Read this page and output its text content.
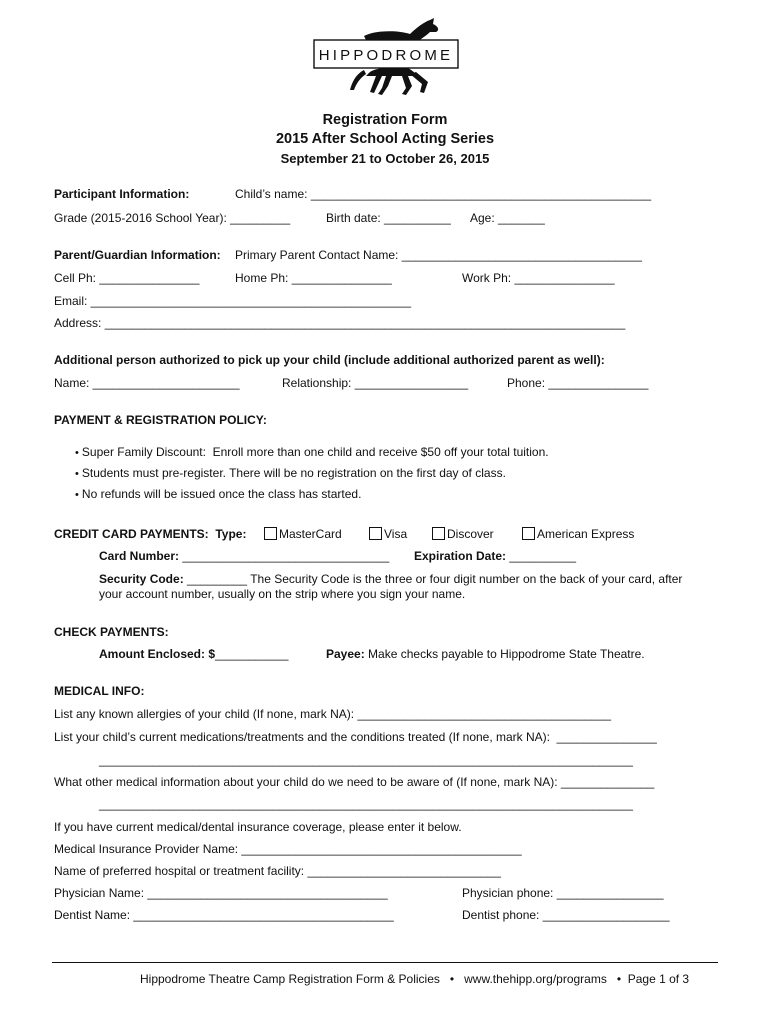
HIPPODROME
Registration Form
2015 After School Acting Series
September 21 to October 26, 2015
Participant Information:	Child’s name: ___________________________________________________
Grade (2015-2016 School Year): _________	Birth date: __________ Age: _______
Parent/Guardian Information: Primary Parent Contact Name: ____________________________________
Cell Ph: _______________	Home Ph: _______________	Work Ph: _______________
Email: ________________________________________________
Address: ______________________________________________________________________________
Additional person authorized to pick up your child (include additional authorized parent as well):
Name: ______________________	Relationship: _________________	Phone: _______________
PAYMENT & REGISTRATION POLICY:
• Super Family Discount:  Enroll more than one child and receive $50 off your total tuition.
• Students must pre-register. There will be no registration on the first day of class.
• No refunds will be issued once the class has started.
CREDIT CARD PAYMENTS:  Type:	MasterCard	Visa	Discover	American Express
Card Number: _______________________________ Expiration Date: __________
Security Code: _________ The Security Code is the three or four digit number on the back of your card, after
your account number, usually on the strip where you sign your name.
CHECK PAYMENTS:
Amount Enclosed: $___________	Payee: Make checks payable to Hippodrome State Theatre.
MEDICAL INFO:
List any known allergies of your child (If none, mark NA): ______________________________________
List your child’s current medications/treatments and the conditions treated (If none, mark NA):  _______________
________________________________________________________________________________
What other medical information about your child do we need to be aware of (If none, mark NA): ______________
________________________________________________________________________________
If you have current medical/dental insurance coverage, please enter it below.
Medical Insurance Provider Name: __________________________________________
Name of preferred hospital or treatment facility: _____________________________
Physician Name: ____________________________________	Physician phone: ________________
Dentist Name: _______________________________________	Dentist phone: ___________________
Hippodrome Theatre Camp Registration Form & Policies   •   www.thehipp.org/programs   •  Page 1 of 3
